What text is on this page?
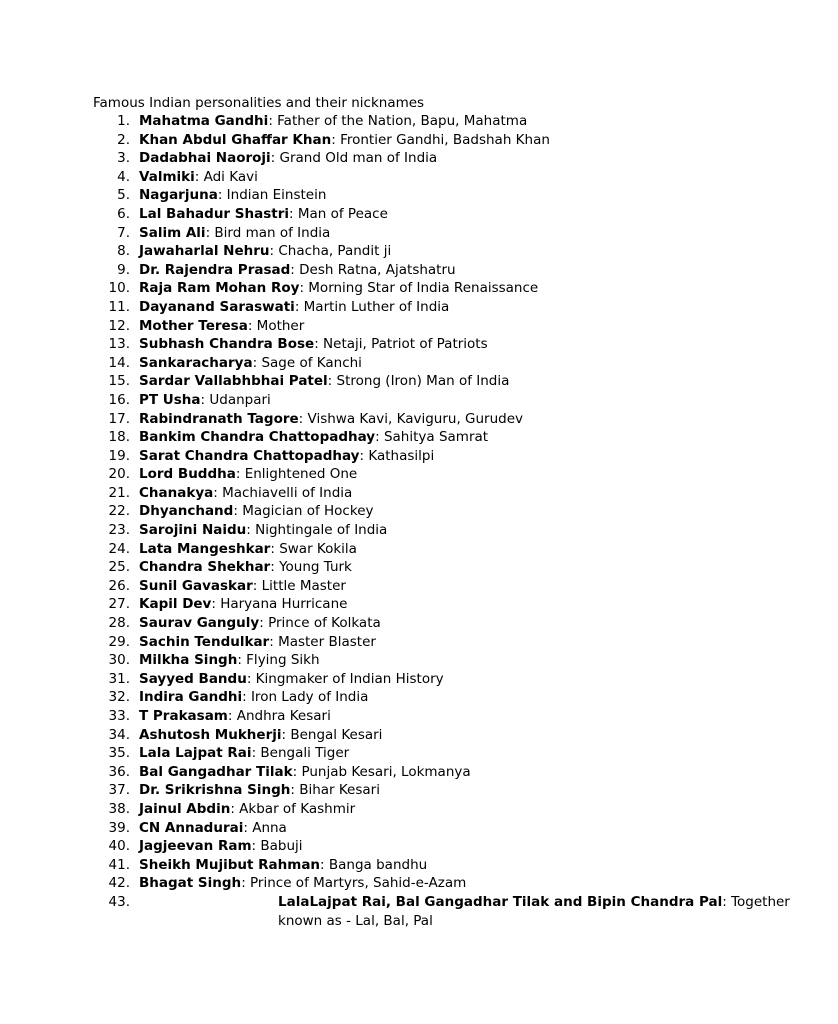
Famous Indian personalities and their nicknames
1. Mahatma Gandhi: Father of the Nation, Bapu, Mahatma
2. Khan Abdul Ghaffar Khan: Frontier Gandhi, Badshah Khan
3. Dadabhai Naoroji: Grand Old man of India
4. Valmiki: Adi Kavi
5. Nagarjuna: Indian Einstein
6. Lal Bahadur Shastri: Man of Peace
7. Salim Ali: Bird man of India
8. Jawaharlal Nehru: Chacha, Pandit ji
9. Dr. Rajendra Prasad: Desh Ratna, Ajatshatru
10. Raja Ram Mohan Roy: Morning Star of India Renaissance
11. Dayanand Saraswati: Martin Luther of India
12. Mother Teresa: Mother
13. Subhash Chandra Bose: Netaji, Patriot of Patriots
14. Sankaracharya: Sage of Kanchi
15. Sardar Vallabhbhai Patel: Strong (Iron) Man of India
16. PT Usha: Udanpari
17. Rabindranath Tagore: Vishwa Kavi, Kaviguru, Gurudev
18. Bankim Chandra Chattopadhay: Sahitya Samrat
19. Sarat Chandra Chattopadhay: Kathasilpi
20. Lord Buddha: Enlightened One
21. Chanakya: Machiavelli of India
22. Dhyanchand: Magician of Hockey
23. Sarojini Naidu: Nightingale of India
24. Lata Mangeshkar: Swar Kokila
25. Chandra Shekhar: Young Turk
26. Sunil Gavaskar: Little Master
27. Kapil Dev: Haryana Hurricane
28. Saurav Ganguly: Prince of Kolkata
29. Sachin Tendulkar: Master Blaster
30. Milkha Singh: Flying Sikh
31. Sayyed Bandu: Kingmaker of Indian History
32. Indira Gandhi: Iron Lady of India
33. T Prakasam: Andhra Kesari
34. Ashutosh Mukherji: Bengal Kesari
35. Lala Lajpat Rai: Bengali Tiger
36. Bal Gangadhar Tilak: Punjab Kesari, Lokmanya
37. Dr. Srikrishna Singh: Bihar Kesari
38. Jainul Abdin: Akbar of Kashmir
39. CN Annadurai: Anna
40. Jagjeevan Ram: Babuji
41. Sheikh Mujibut Rahman: Banga bandhu
42. Bhagat Singh: Prince of Martyrs, Sahid-e-Azam
43.	LalaLajpat Rai, Bal Gangadhar Tilak and Bipin Chandra Pal: Together known as - Lal, Bal, Pal
